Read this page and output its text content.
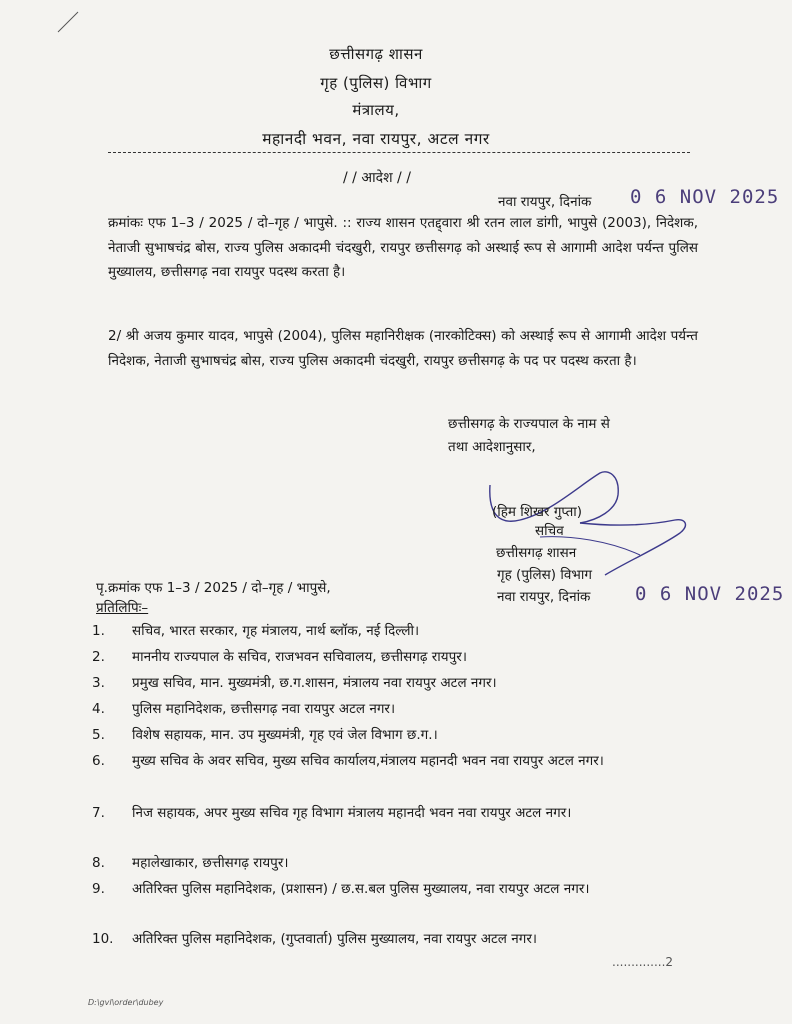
छत्तीसगढ़ शासन
गृह (पुलिस) विभाग
मंत्रालय,
महानदी भवन, नवा रायपुर, अटल नगर
/ / आदेश / /
नवा रायपुर, दिनांक 0 6 NOV 2025
क्रमांकः एफ 1–3 / 2025 / दो–गृह / भापुसे. :: राज्य शासन एतद्द्वारा श्री रतन लाल डांगी, भापुसे (2003), निदेशक, नेताजी सुभाषचंद्र बोस, राज्य पुलिस अकादमी चंदखुरी, रायपुर छत्तीसगढ़ को अस्थाई रूप से आगामी आदेश पर्यन्त पुलिस मुख्यालय, छत्तीसगढ़ नवा रायपुर पदस्थ करता है।
2/ श्री अजय कुमार यादव, भापुसे (2004), पुलिस महानिरीक्षक (नारकोटिक्स) को अस्थाई रूप से आगामी आदेश पर्यन्त निदेशक, नेताजी सुभाषचंद्र बोस, राज्य पुलिस अकादमी चंदखुरी, रायपुर छत्तीसगढ़ के पद पर पदस्थ करता है।
छत्तीसगढ़ के राज्यपाल के नाम से
तथा आदेशानुसार,
(हिम शिखर गुप्ता)
सचिव
छत्तीसगढ़ शासन
गृह (पुलिस) विभाग
नवा रायपुर, दिनांक 0 6 NOV 2025
पृ.क्रमांक एफ 1–3 / 2025 / दो–गृह / भापुसे,
प्रतिलिपिः–
1.	सचिव, भारत सरकार, गृह मंत्रालय, नार्थ ब्लॉक, नई दिल्ली।
2.	माननीय राज्यपाल के सचिव, राजभवन सचिवालय, छत्तीसगढ़ रायपुर।
3.	प्रमुख सचिव, मान. मुख्यमंत्री, छ.ग.शासन, मंत्रालय नवा रायपुर अटल नगर।
4.	पुलिस महानिदेशक, छत्तीसगढ़ नवा रायपुर अटल नगर।
5.	विशेष सहायक, मान. उप मुख्यमंत्री, गृह एवं जेल विभाग छ.ग.।
6.	मुख्य सचिव के अवर सचिव, मुख्य सचिव कार्यालय,मंत्रालय महानदी भवन नवा रायपुर अटल नगर।
7.	निज सहायक, अपर मुख्य सचिव गृह विभाग मंत्रालय महानदी भवन नवा रायपुर अटल नगर।
8.	महालेखाकार, छत्तीसगढ़ रायपुर।
9.	अतिरिक्त पुलिस महानिदेशक, (प्रशासन) / छ.स.बल पुलिस मुख्यालय, नवा रायपुर अटल नगर।
10.	अतिरिक्त पुलिस महानिदेशक, (गुप्तवार्ता) पुलिस मुख्यालय, नवा रायपुर अटल नगर।
..............2
D:\gvl\order\dubey
